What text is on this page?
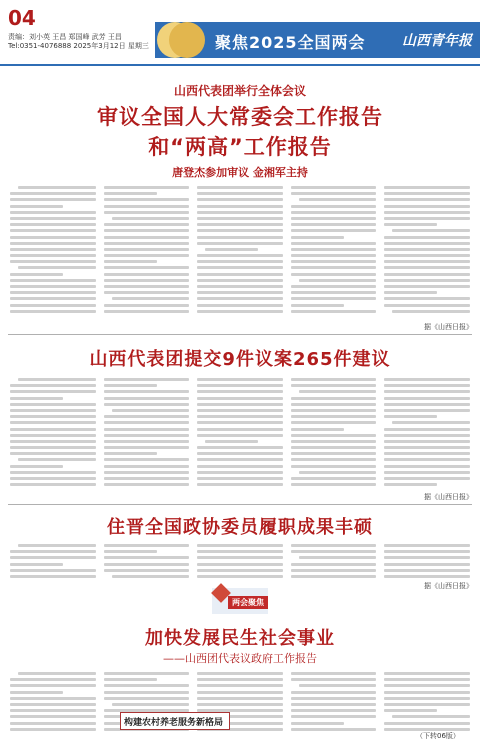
04
责编：刘小英 王昌 郑国峰 武芳 王昌
Tel:0351-4076888 2025年3月12日 星期三	聚焦2025全国两会	山西青年报
山西代表团举行全体会议
审议全国人大常委会工作报告
和“两高”工作报告
唐登杰参加审议 金湘军主持
据《山西日报》
山西代表团提交9件议案265件建议
据《山西日报》
住晋全国政协委员履职成果丰硕
据《山西日报》
两会聚焦
加快发展民生社会事业
——山西团代表议政府工作报告
构建农村养老服务新格局
（下转06版）
